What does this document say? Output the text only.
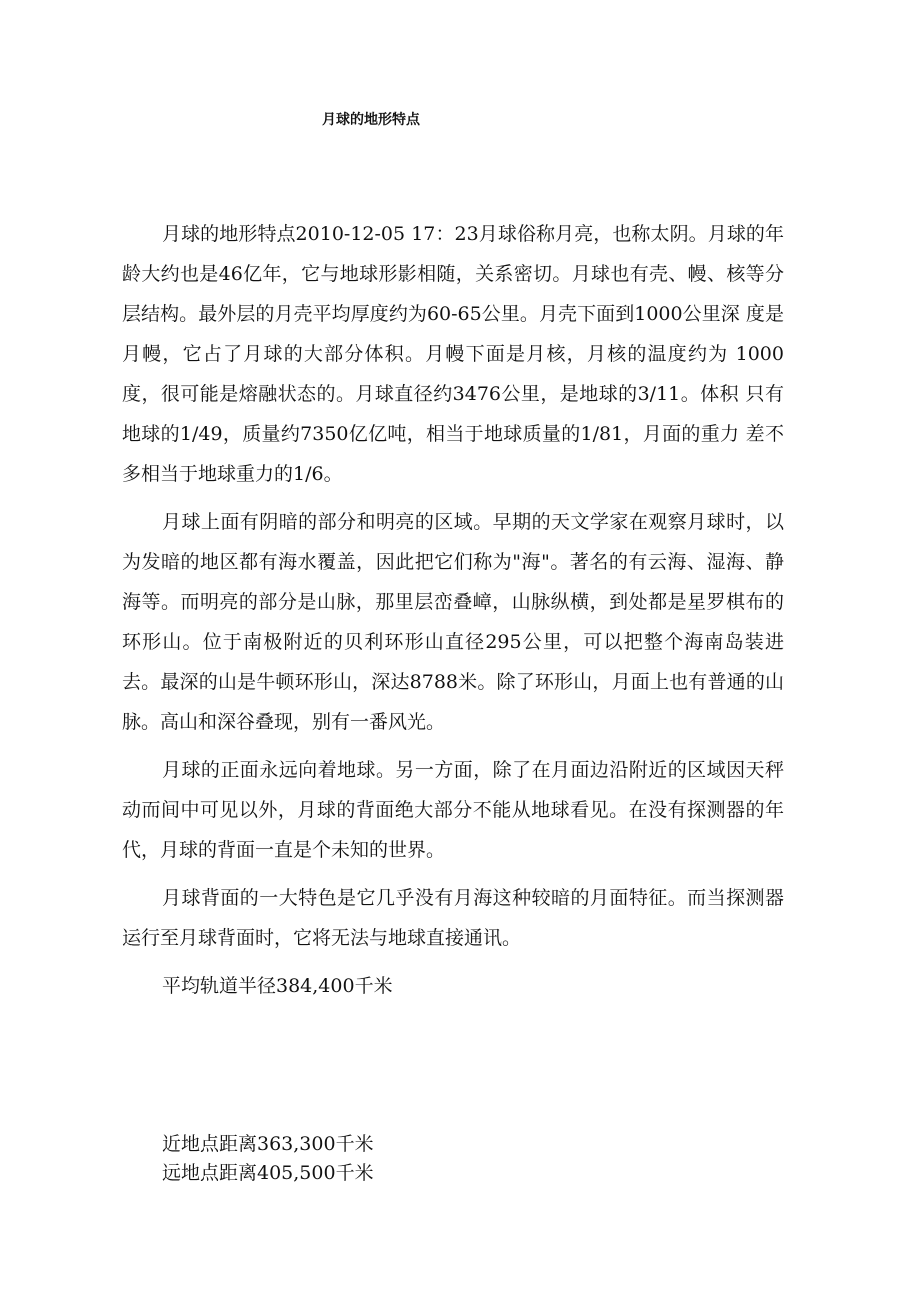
月球的地形特点

月球的地形特点2010-12-05 17：23月球俗称月亮，也称太阴。月球的年龄大约也是46亿年，它与地球形影相随，关系密切。月球也有壳、幔、核等分层结构。最外层的月壳平均厚度约为60-65公里。月壳下面到1000公里深 度是月幔，它占了月球的大部分体积。月幔下面是月核，月核的温度约为 1000度，很可能是熔融状态的。月球直径约3476公里，是地球的3/11。体积 只有地球的1/49，质量约7350亿亿吨，相当于地球质量的1/81，月面的重力 差不多相当于地球重力的1/6。

月球上面有阴暗的部分和明亮的区域。早期的天文学家在观察月球时，以为发暗的地区都有海水覆盖，因此把它们称为"海"。著名的有云海、湿海、静海等。而明亮的部分是山脉，那里层峦叠嶂，山脉纵横，到处都是星罗棋布的环形山。位于南极附近的贝利环形山直径295公里，可以把整个海南岛装进去。最深的山是牛顿环形山，深达8788米。除了环形山，月面上也有普通的山脉。高山和深谷叠现，别有一番风光。

月球的正面永远向着地球。另一方面，除了在月面边沿附近的区域因天秤动而间中可见以外，月球的背面绝大部分不能从地球看见。在没有探测器的年代，月球的背面一直是个未知的世界。

月球背面的一大特色是它几乎没有月海这种较暗的月面特征。而当探测器运行至月球背面时，它将无法与地球直接通讯。

平均轨道半径384,400千米

近地点距离363,300千米
远地点距离405,500千米
